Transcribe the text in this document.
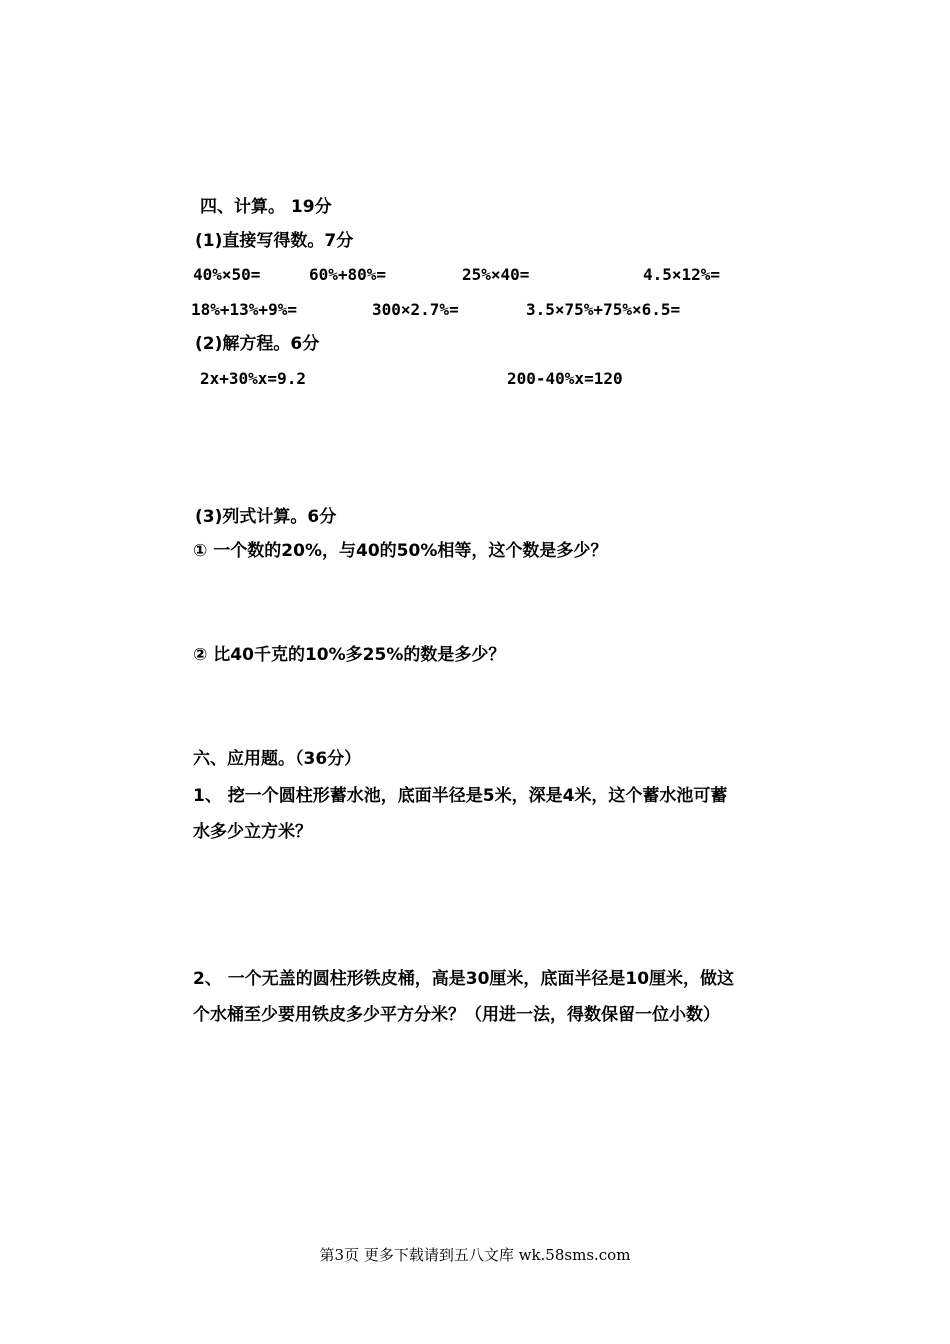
四、计算。 19分
(1)直接写得数。7分
40%×50=	60%+80%=	25%×40=	4.5×12%=
18%+13%+9%=	300×2.7%=	3.5×75%+75%×6.5=
(2)解方程。6分
2x+30%x=9.2	200-40%x=120
(3)列式计算。6分
① 一个数的20%，与40的50%相等，这个数是多少？
② 比40千克的10%多25%的数是多少？
六、应用题。（36分）
1、 挖一个圆柱形蓄水池，底面半径是5米，深是4米，这个蓄水池可蓄
水多少立方米？
2、 一个无盖的圆柱形铁皮桶，高是30厘米，底面半径是10厘米，做这
个水桶至少要用铁皮多少平方分米？（用进一法，得数保留一位小数）
第3页 更多下载请到五八文库 wk.58sms.com
